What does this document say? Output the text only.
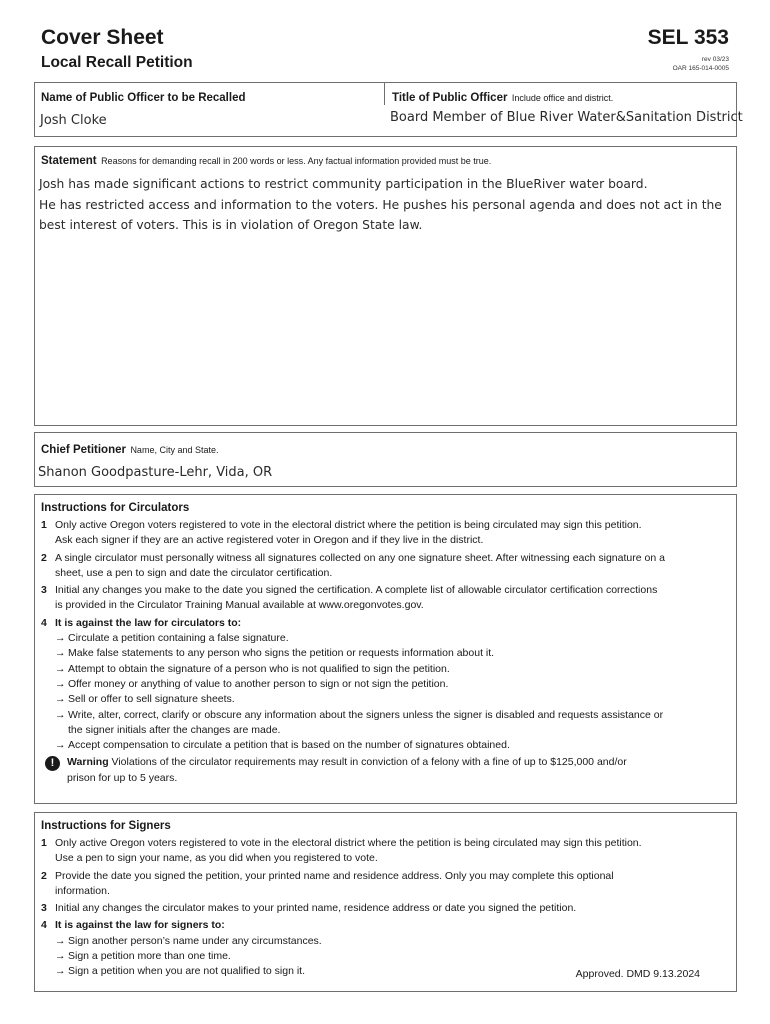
Cover Sheet
Local Recall Petition
SEL 353
rev 03/23
OAR 165-014-0005
Name of Public Officer to be Recalled
Josh Cloke
Title of Public Officer Include office and district.
Board Member of Blue River Water&Sanitation District
Statement Reasons for demanding recall in 200 words or less. Any factual information provided must be true.
Josh has made significant actions to restrict community participation in the BlueRiver water board.
He has restricted access and information to the voters. He pushes his personal agenda and does not act in the
best interest of voters. This is in violation of Oregon State law.
Chief Petitioner Name, City and State.
Shanon Goodpasture-Lehr, Vida, OR
Instructions for Circulators
1 Only active Oregon voters registered to vote in the electoral district where the petition is being circulated may sign this petition.
Ask each signer if they are an active registered voter in Oregon and if they live in the district.
2 A single circulator must personally witness all signatures collected on any one signature sheet. After witnessing each signature on a
sheet, use a pen to sign and date the circulator certification.
3 Initial any changes you make to the date you signed the certification. A complete list of allowable circulator certification corrections
is provided in the Circulator Training Manual available at www.oregonvotes.gov.
4 It is against the law for circulators to:
→ Circulate a petition containing a false signature.
→ Make false statements to any person who signs the petition or requests information about it.
→ Attempt to obtain the signature of a person who is not qualified to sign the petition.
→ Offer money or anything of value to another person to sign or not sign the petition.
→ Sell or offer to sell signature sheets.
→ Write, alter, correct, clarify or obscure any information about the signers unless the signer is disabled and requests assistance or
the signer initials after the changes are made.
→ Accept compensation to circulate a petition that is based on the number of signatures obtained.
!	Warning Violations of the circulator requirements may result in conviction of a felony with a fine of up to $125,000 and/or
prison for up to 5 years.
Instructions for Signers
1 Only active Oregon voters registered to vote in the electoral district where the petition is being circulated may sign this petition.
Use a pen to sign your name, as you did when you registered to vote.
2 Provide the date you signed the petition, your printed name and residence address. Only you may complete this optional
information.
3 Initial any changes the circulator makes to your printed name, residence address or date you signed the petition.
4 It is against the law for signers to:
→ Sign another person’s name under any circumstances.
→ Sign a petition more than one time.
→ Sign a petition when you are not qualified to sign it.	Approved. DMD 9.13.2024
